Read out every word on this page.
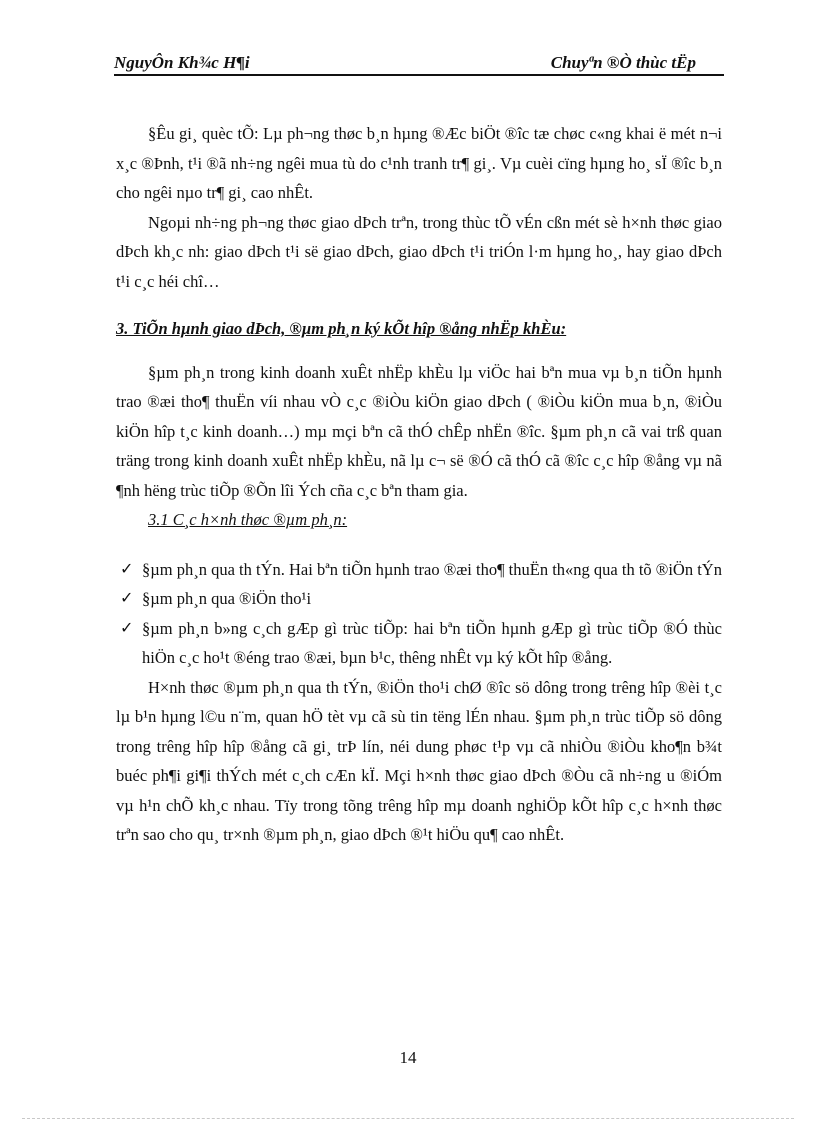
NguyÔn Kh¾c H¶i	Chuyªn ®Ò thùc tËp

§Êu gi¸ quèc tÕ: Lµ ph¬ng thøc b¸n hµng ®Æc biÖt ®îc tæ chøc c«ng khai ë mét n¬i x¸c ®Þnh, t¹i ®ã nh÷ng ngêi mua tù do c¹nh tranh tr¶ gi¸. Vµ cuèi cïng hµng ho¸ sÏ ®îc b¸n cho ngêi nµo tr¶ gi¸ cao nhÊt.

Ngoµi nh÷ng ph¬ng thøc giao dÞch trªn, trong thùc tÕ vÉn cßn mét sè h×nh thøc giao dÞch kh¸c nh: giao dÞch t¹i së giao dÞch, giao dÞch t¹i triÓn l·m hµng ho¸, hay giao dÞch t¹i c¸c héi chî…

3. TiÕn hµnh giao dÞch, ®µm ph¸n ký kÕt hîp ®ång nhËp khÈu:

§µm ph¸n trong kinh doanh xuÊt nhËp khÈu lµ viÖc hai bªn mua vµ b¸n tiÕn hµnh trao ®æi tho¶ thuËn víi nhau vÒ c¸c ®iÒu kiÖn giao dÞch ( ®iÒu kiÖn mua b¸n, ®iÒu kiÖn hîp t¸c kinh doanh…) mµ mçi bªn cã thÓ chÊp nhËn ®îc. §µm ph¸n cã vai trß quan träng trong kinh doanh xuÊt nhËp khÈu, nã lµ c¬ së ®Ó cã thÓ cã ®îc c¸c hîp ®ång vµ nã ¶nh hëng trùc tiÕp ®Õn lîi Ých cña c¸c bªn tham gia.

3.1 C¸c h×nh thøc ®µm ph¸n:

✓ §µm ph¸n qua th tÝn. Hai bªn tiÕn hµnh trao ®æi tho¶ thuËn th«ng qua th tõ ®iÖn tÝn
✓ §µm ph¸n qua ®iÖn tho¹i
✓ §µm ph¸n b»ng c¸ch gÆp gì trùc tiÕp: hai bªn tiÕn hµnh gÆp gì trùc tiÕp ®Ó thùc hiÖn c¸c ho¹t ®éng trao ®æi, bµn b¹c, thêng nhÊt vµ ký kÕt hîp ®ång.

H×nh thøc ®µm ph¸n qua th tÝn, ®iÖn tho¹i chØ ®îc sö dông trong trêng hîp ®èi t¸c lµ b¹n hµng l©u n¨m, quan hÖ tèt vµ cã sù tin tëng lÉn nhau. §µm ph¸n trùc tiÕp sö dông trong trêng hîp hîp ®ång cã gi¸ trÞ lín, néi dung phøc t¹p vµ cã nhiÒu ®iÒu kho¶n b¾t buéc ph¶i gi¶i thÝch mét c¸ch cÆn kÏ. Mçi h×nh thøc giao dÞch ®Òu cã nh÷ng u ®iÓm vµ h¹n chÕ kh¸c nhau. Tïy trong tõng trêng hîp mµ doanh nghiÖp kÕt hîp c¸c h×nh thøc trªn sao cho qu¸ tr×nh ®µm ph¸n, giao dÞch ®¹t hiÖu qu¶ cao nhÊt.

14
